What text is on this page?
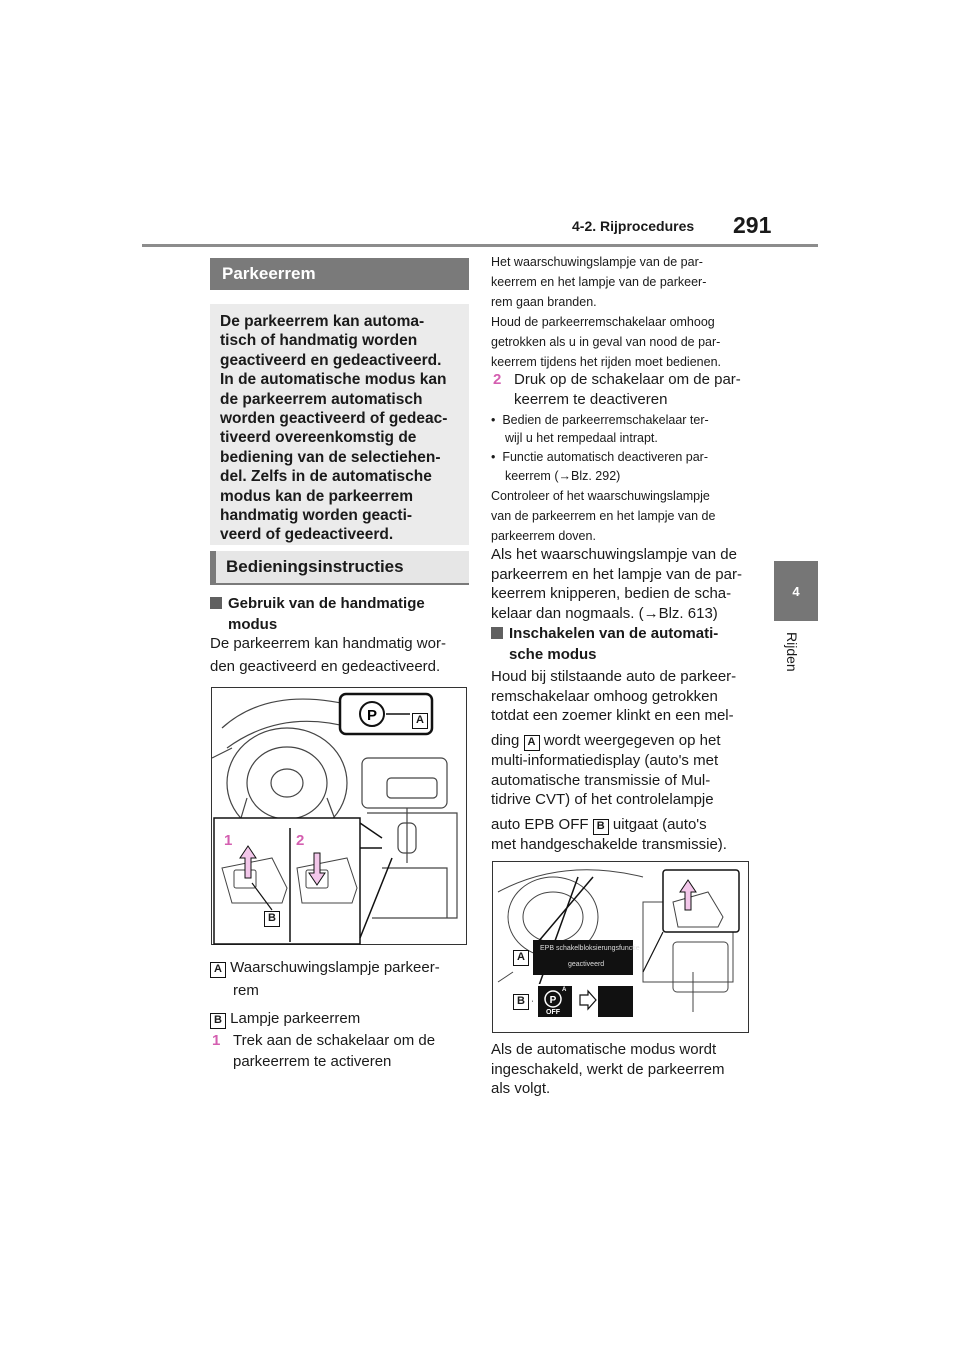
4-2. Rijprocedures 291
4
Rijden
Parkeerrem
De parkeerrem kan automa-
tisch of handmatig worden
geactiveerd en gedeactiveerd.
In de automatische modus kan
de parkeerrem automatisch
worden geactiveerd of gedeac-
tiveerd overeenkomstig de
bediening van de selectiehen-
del. Zelfs in de automatische
modus kan de parkeerrem
handmatig worden geacti-
veerd of gedeactiveerd.
Bedieningsinstructies
Gebruik van de handmatige
modus
De parkeerrem kan handmatig wor-
den geactiveerd en gedeactiveerd.
P	A
B
1	2
A Waarschuwingslampje parkeer-
rem
B Lampje parkeerrem
1 Trek aan de schakelaar om de
parkeerrem te activeren
Het waarschuwingslampje van de par-
keerrem en het lampje van de parkeer-
rem gaan branden.
Houd de parkeerremschakelaar omhoog
getrokken als u in geval van nood de par-
keerrem tijdens het rijden moet bedienen.
2 Druk op de schakelaar om de par-
keerrem te deactiveren
•  Bedien de parkeerremschakelaar ter-
wijl u het rempedaal intrapt.
•  Functie automatisch deactiveren par-
keerrem (→Blz. 292)
Controleer of het waarschuwingslampje
van de parkeerrem en het lampje van de
parkeerrem doven.
Als het waarschuwingslampje van de
parkeerrem en het lampje van de par-
keerrem knipperen, bedien de scha-
kelaar dan nogmaals. (→Blz. 613)
Inschakelen van de automati-
sche modus
Houd bij stilstaande auto de parkeer-
remschakelaar omhoog getrokken
totdat een zoemer klinkt en een mel-
ding A wordt weergegeven op het
multi-informatiedisplay (auto's met
automatische transmissie of Mul-
tidrive CVT) of het controlelampje
auto EPB OFF B uitgaat (auto's
met handgeschakelde transmissie).
P
EPB schakelbloksierungsfunctie
geactiveerd
OFF
A
A
B
Als de automatische modus wordt
ingeschakeld, werkt de parkeerrem
als volgt.
